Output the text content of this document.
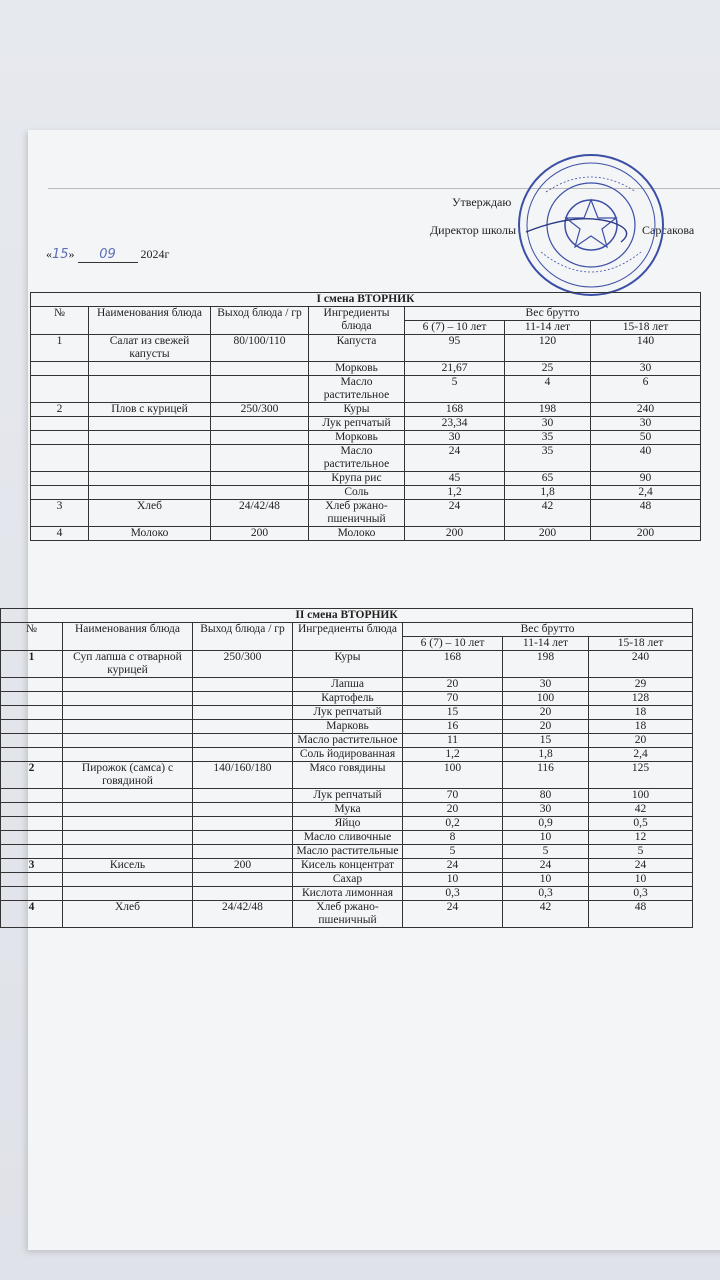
Утверждаю
Директор школы	Сарсакова
«15» 09 2024г
I смена ВТОРНИК						
№	Наименования блюда	Выход блюда / гр	Ингредиенты блюда	Вес брутто		
				6 (7) – 10 лет	11-14 лет	15-18 лет
1	Салат из свежей капусты	80/100/110	Капуста	95	120	140
			Морковь	21,67	25	30
			Масло растительное	5	4	6
2	Плов с курицей	250/300	Куры	168	198	240
			Лук репчатый	23,34	30	30
			Морковь	30	35	50
			Масло растительное	24	35	40
			Крупа рис	45	65	90
			Соль	1,2	1,8	2,4
3	Хлеб	24/42/48	Хлеб ржано-пшеничный	24	42	48
4	Молоко	200	Молоко	200	200	200
II смена ВТОРНИК						
№	Наименования блюда	Выход блюда / гр	Ингредиенты блюда	Вес брутто		
				6 (7) – 10 лет	11-14 лет	15-18 лет
1	Суп лапша с отварной курицей	250/300	Куры	168	198	240
			Лапша	20	30	29
			Картофель	70	100	128
			Лук репчатый	15	20	18
			Марковь	16	20	18
			Масло растительное	11	15	20
			Соль йодированная	1,2	1,8	2,4
2	Пирожок (самса) с говядиной	140/160/180	Мясо говядины	100	116	125
			Лук репчатый	70	80	100
			Мука	20	30	42
			Яйцо	0,2	0,9	0,5
			Масло сливочные	8	10	12
			Масло растительные	5	5	5
3	Кисель	200	Кисель концентрат	24	24	24
			Сахар	10	10	10
			Кислота лимонная	0,3	0,3	0,3
4	Хлеб	24/42/48	Хлеб ржано-пшеничный	24	42	48
